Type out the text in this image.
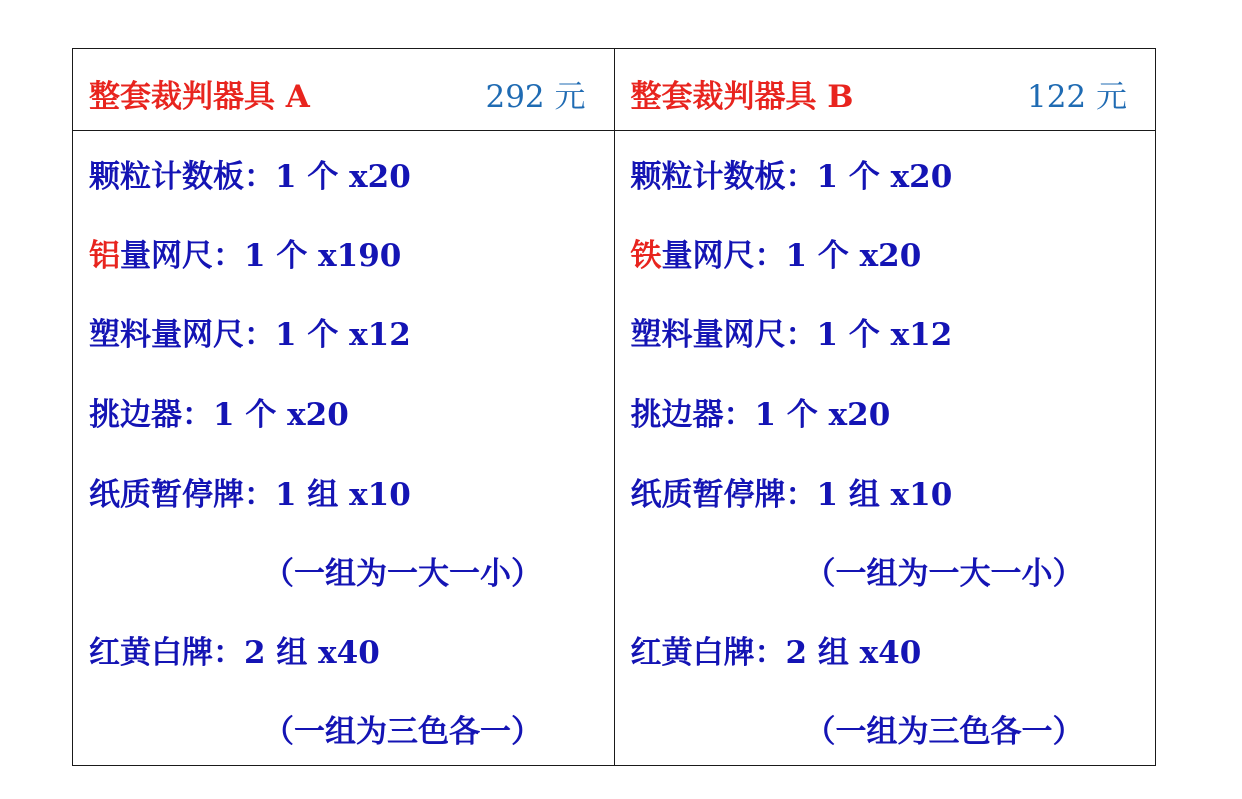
整套裁判器具 A	292 元
颗粒计数板：1 个 x20
铝量网尺：1 个 x190
塑料量网尺：1 个 x12
挑边器：1 个 x20
纸质暂停牌：1 组 x10
（一组为一大一小）
红黄白牌：2 组 x40
（一组为三色各一）
整套裁判器具 B	122 元
颗粒计数板：1 个 x20
铁量网尺：1 个 x20
塑料量网尺：1 个 x12
挑边器：1 个 x20
纸质暂停牌：1 组 x10
（一组为一大一小）
红黄白牌：2 组 x40
（一组为三色各一）
